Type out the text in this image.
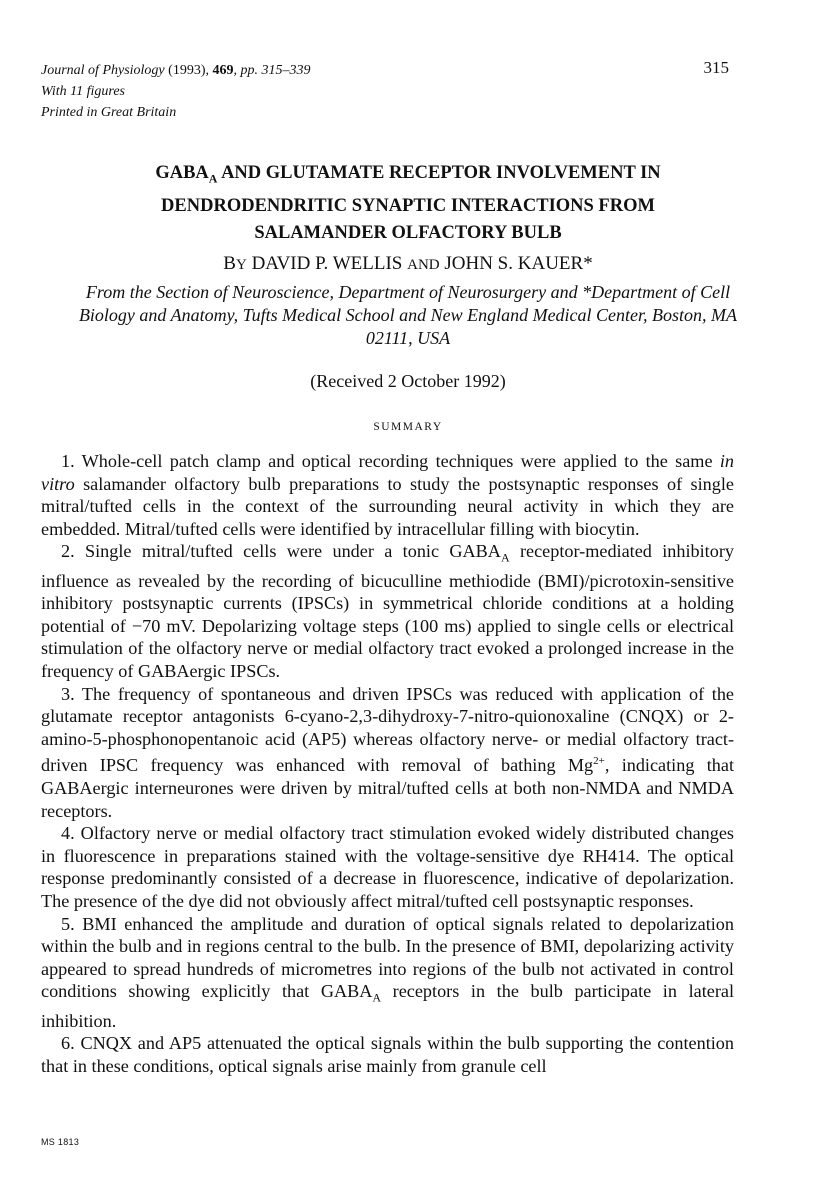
Journal of Physiology (1993), 469, pp. 315–339
With 11 figures
Printed in Great Britain
315
$GABA_A$ AND GLUTAMATE RECEPTOR INVOLVEMENT IN
DENDRODENDRITIC SYNAPTIC INTERACTIONS FROM
SALAMANDER OLFACTORY BULB
BY DAVID P. WELLIS AND JOHN S. KAUER*
From the Section of Neuroscience, Department of Neurosurgery and *Department of Cell Biology and Anatomy, Tufts Medical School and New England Medical Center, Boston, MA 02111, USA
(Received 2 October 1992)
SUMMARY

1. Whole-cell patch clamp and optical recording techniques were applied to the same in vitro salamander olfactory bulb preparations to study the postsynaptic responses of single mitral/tufted cells in the context of the surrounding neural activity in which they are embedded. Mitral/tufted cells were identified by intracellular filling with biocytin.

2. Single mitral/tufted cells were under a tonic $GABA_A$ receptor-mediated inhibitory influence as revealed by the recording of bicuculline methiodide (BMI)/picrotoxin-sensitive inhibitory postsynaptic currents (IPSCs) in symmetrical chloride conditions at a holding potential of −70 mV. Depolarizing voltage steps (100 ms) applied to single cells or electrical stimulation of the olfactory nerve or medial olfactory tract evoked a prolonged increase in the frequency of GABAergic IPSCs.

3. The frequency of spontaneous and driven IPSCs was reduced with application of the glutamate receptor antagonists 6-cyano-2,3-dihydroxy-7-nitro-quionoxaline (CNQX) or 2-amino-5-phosphonopentanoic acid (AP5) whereas olfactory nerve- or medial olfactory tract-driven IPSC frequency was enhanced with removal of bathing $Mg^{2+}$, indicating that GABAergic interneurones were driven by mitral/tufted cells at both non-NMDA and NMDA receptors.

4. Olfactory nerve or medial olfactory tract stimulation evoked widely distributed changes in fluorescence in preparations stained with the voltage-sensitive dye RH414. The optical response predominantly consisted of a decrease in fluorescence, indicative of depolarization. The presence of the dye did not obviously affect mitral/tufted cell postsynaptic responses.

5. BMI enhanced the amplitude and duration of optical signals related to depolarization within the bulb and in regions central to the bulb. In the presence of BMI, depolarizing activity appeared to spread hundreds of micrometres into regions of the bulb not activated in control conditions showing explicitly that $GABA_A$ receptors in the bulb participate in lateral inhibition.

6. CNQX and AP5 attenuated the optical signals within the bulb supporting the contention that in these conditions, optical signals arise mainly from granule cell

MS 1813
